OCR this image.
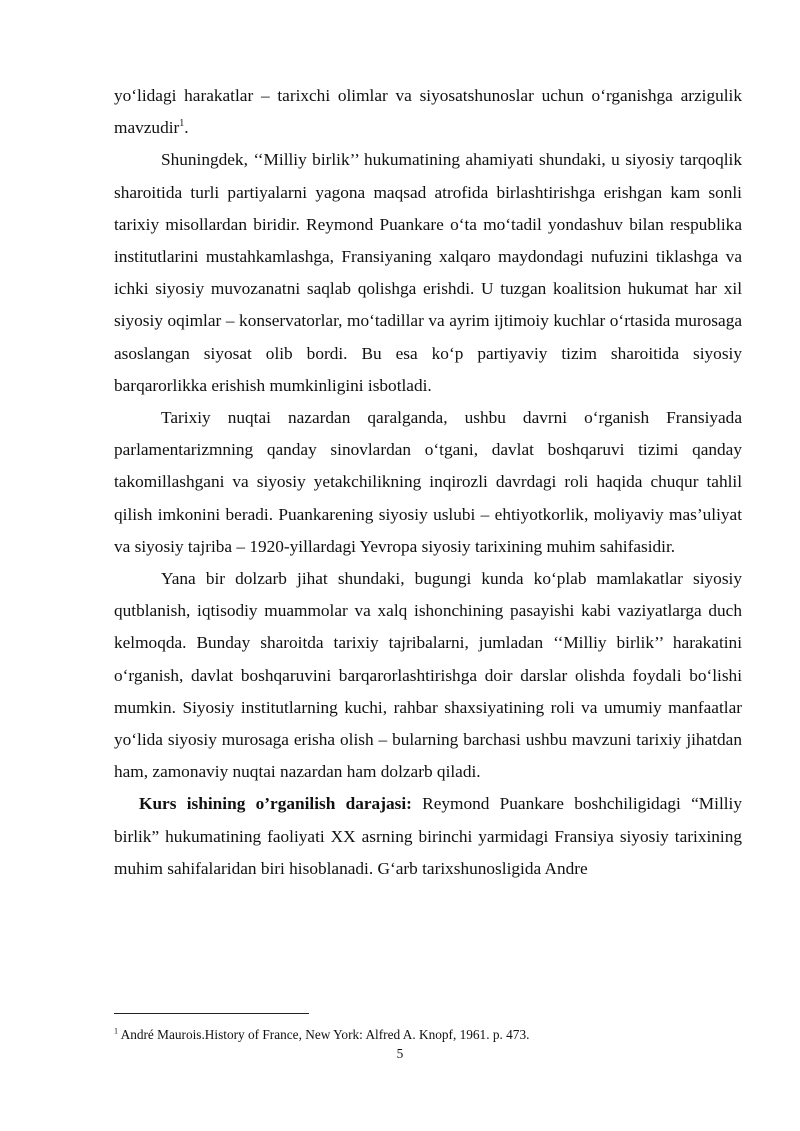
yo‘lidagi harakatlar – tarixchi olimlar va siyosatshunoslar uchun o‘rganishga arzigulik mavzudir$^1$.

Shuningdek, ‘‘Milliy birlik’’ hukumatining ahamiyati shundaki, u siyosiy tarqoqlik sharoitida turli partiyalarni yagona maqsad atrofida birlashtirishga erishgan kam sonli tarixiy misollardan biridir. Reymond Puankare o‘ta mo‘tadil yondashuv bilan respublika institutlarini mustahkamlashga, Fransiyaning xalqaro maydondagi nufuzini tiklashga va ichki siyosiy muvozanatni saqlab qolishga erishdi. U tuzgan koalitsion hukumat har xil siyosiy oqimlar – konservatorlar, mo‘tadillar va ayrim ijtimoiy kuchlar o‘rtasida murosaga asoslangan siyosat olib bordi. Bu esa ko‘p partiyaviy tizim sharoitida siyosiy barqarorlikka erishish mumkinligini isbotladi.

Tarixiy nuqtai nazardan qaralganda, ushbu davrni o‘rganish Fransiyada parlamentarizmning qanday sinovlardan o‘tgani, davlat boshqaruvi tizimi qanday takomillashgani va siyosiy yetakchilikning inqirozli davrdagi roli haqida chuqur tahlil qilish imkonini beradi. Puankarening siyosiy uslubi – ehtiyotkorlik, moliyaviy mas’uliyat va siyosiy tajriba – 1920-yillardagi Yevropa siyosiy tarixining muhim sahifasidir.

Yana bir dolzarb jihat shundaki, bugungi kunda ko‘plab mamlakatlar siyosiy qutblanish, iqtisodiy muammolar va xalq ishonchining pasayishi kabi vaziyatlarga duch kelmoqda. Bunday sharoitda tarixiy tajribalarni, jumladan ‘‘Milliy birlik’’ harakatini o‘rganish, davlat boshqaruvini barqarorlashtirishga doir darslar olishda foydali bo‘lishi mumkin. Siyosiy institutlarning kuchi, rahbar shaxsiyatining roli va umumiy manfaatlar yo‘lida siyosiy murosaga erisha olish – bularning barchasi ushbu mavzuni tarixiy jihatdan ham, zamonaviy nuqtai nazardan ham dolzarb qiladi.

Kurs ishining o’rganilish darajasi: Reymond Puankare boshchiligidagi “Milliy birlik” hukumatining faoliyati XX asrning birinchi yarmidagi Fransiya siyosiy tarixining muhim sahifalaridan biri hisoblanadi. G‘arb tarixshunosligida Andre

$^1$ André Maurois.History of France, New York: Alfred A. Knopf, 1961. p. 473.
5
